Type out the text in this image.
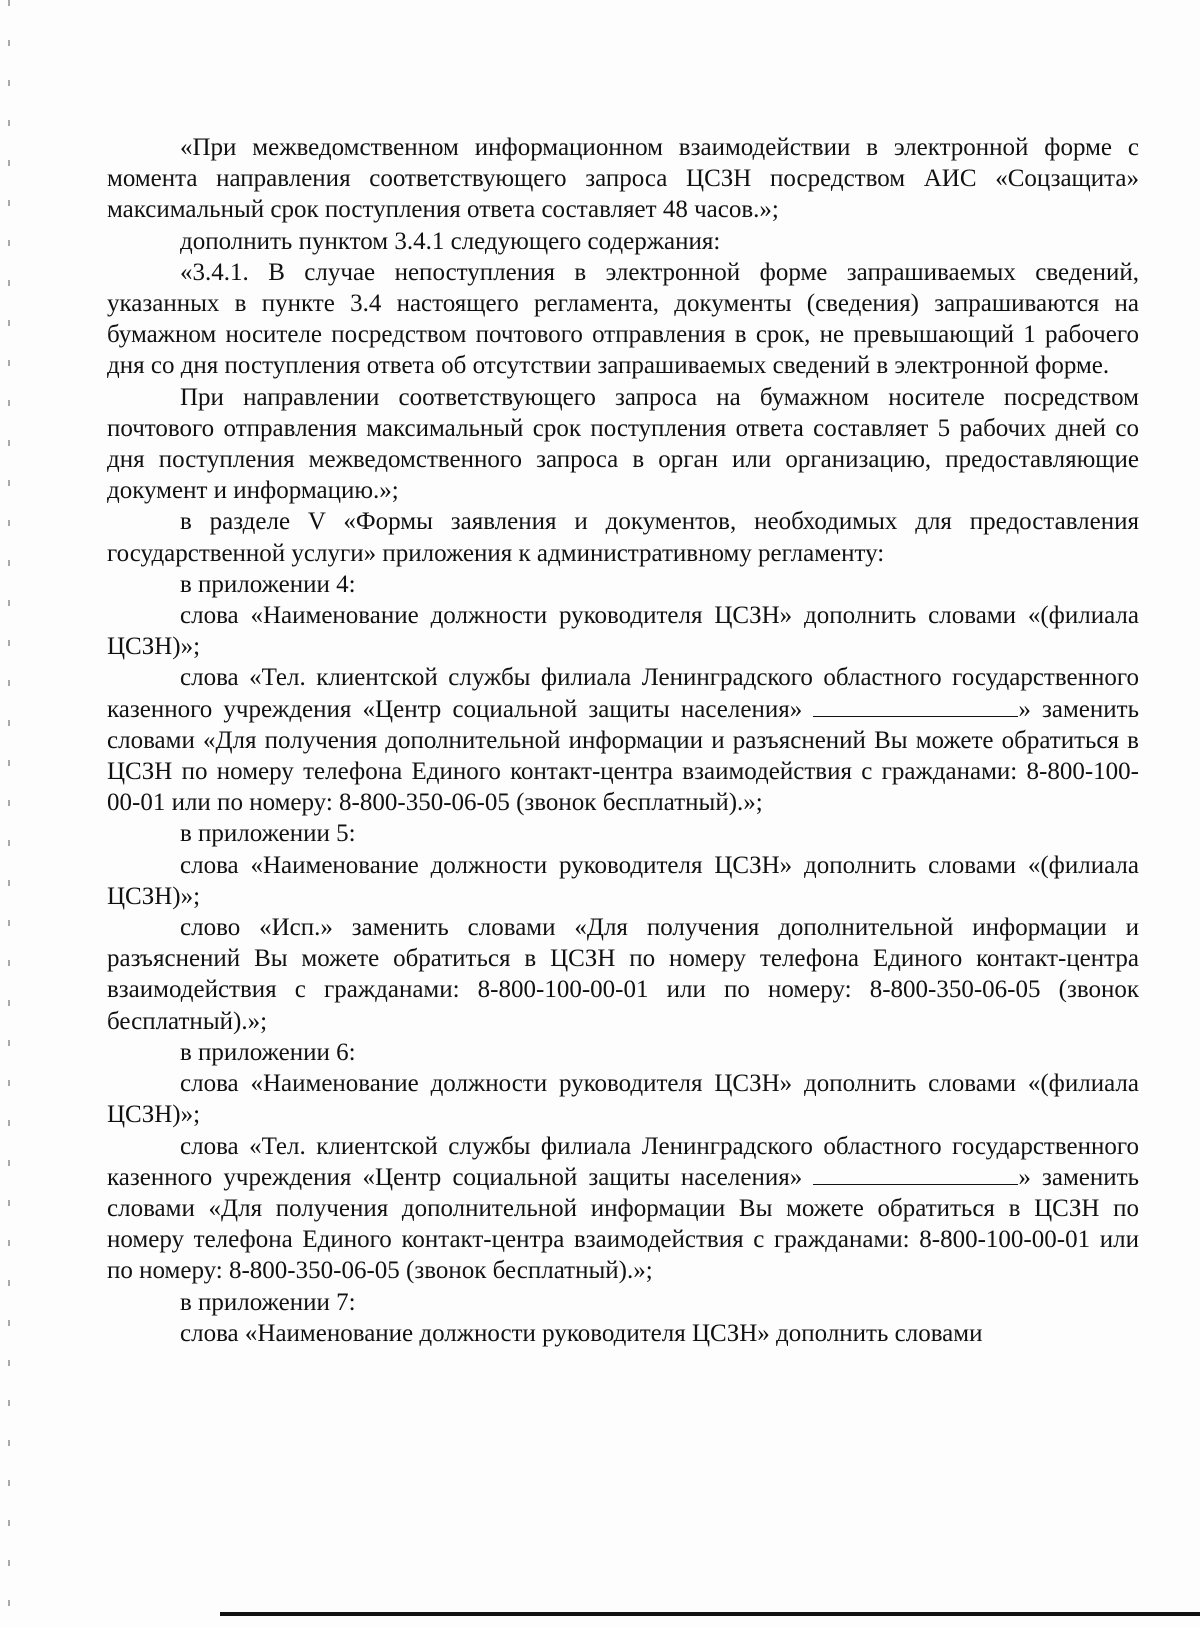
«При межведомственном информационном взаимодействии в электронной форме с момента направления соответствующего запроса ЦСЗН посредством АИС «Соцзащита» максимальный срок поступления ответа составляет 48 часов.»;

дополнить пунктом 3.4.1 следующего содержания:

«3.4.1. В случае непоступления в электронной форме запрашиваемых сведений, указанных в пункте 3.4 настоящего регламента, документы (сведения) запрашиваются на бумажном носителе посредством почтового отправления в срок, не превышающий 1 рабочего дня со дня поступления ответа об отсутствии запрашиваемых сведений в электронной форме.

При направлении соответствующего запроса на бумажном носителе посредством почтового отправления максимальный срок поступления ответа составляет 5 рабочих дней со дня поступления межведомственного запроса в орган или организацию, предоставляющие документ и информацию.»;

в разделе V «Формы заявления и документов, необходимых для предоставления государственной услуги» приложения к административному регламенту:

в приложении 4:

слова «Наименование должности руководителя ЦСЗН» дополнить словами «(филиала ЦСЗН)»;

слова «Тел. клиентской службы филиала Ленинградского областного государственного казенного учреждения «Центр социальной защиты населения»	» заменить словами «Для получения дополнительной информации и разъяснений Вы можете обратиться в ЦСЗН по номеру телефона Единого контакт-центра взаимодействия с гражданами: 8-800-100-00-01 или по номеру: 8-800-350-06-05 (звонок бесплатный).»;

в приложении 5:

слова «Наименование должности руководителя ЦСЗН» дополнить словами «(филиала ЦСЗН)»;

слово «Исп.» заменить словами «Для получения дополнительной информации и разъяснений Вы можете обратиться в ЦСЗН по номеру телефона Единого контакт-центра взаимодействия с гражданами: 8-800-100-00-01 или по номеру: 8-800-350-06-05 (звонок бесплатный).»;

в приложении 6:

слова «Наименование должности руководителя ЦСЗН» дополнить словами «(филиала ЦСЗН)»;

слова «Тел. клиентской службы филиала Ленинградского областного государственного казенного учреждения «Центр социальной защиты населения»	» заменить словами «Для получения дополнительной информации Вы можете обратиться в ЦСЗН по номеру телефона Единого контакт-центра взаимодействия с гражданами: 8-800-100-00-01 или по номеру: 8-800-350-06-05 (звонок бесплатный).»;

в приложении 7:

слова «Наименование должности руководителя ЦСЗН» дополнить словами
